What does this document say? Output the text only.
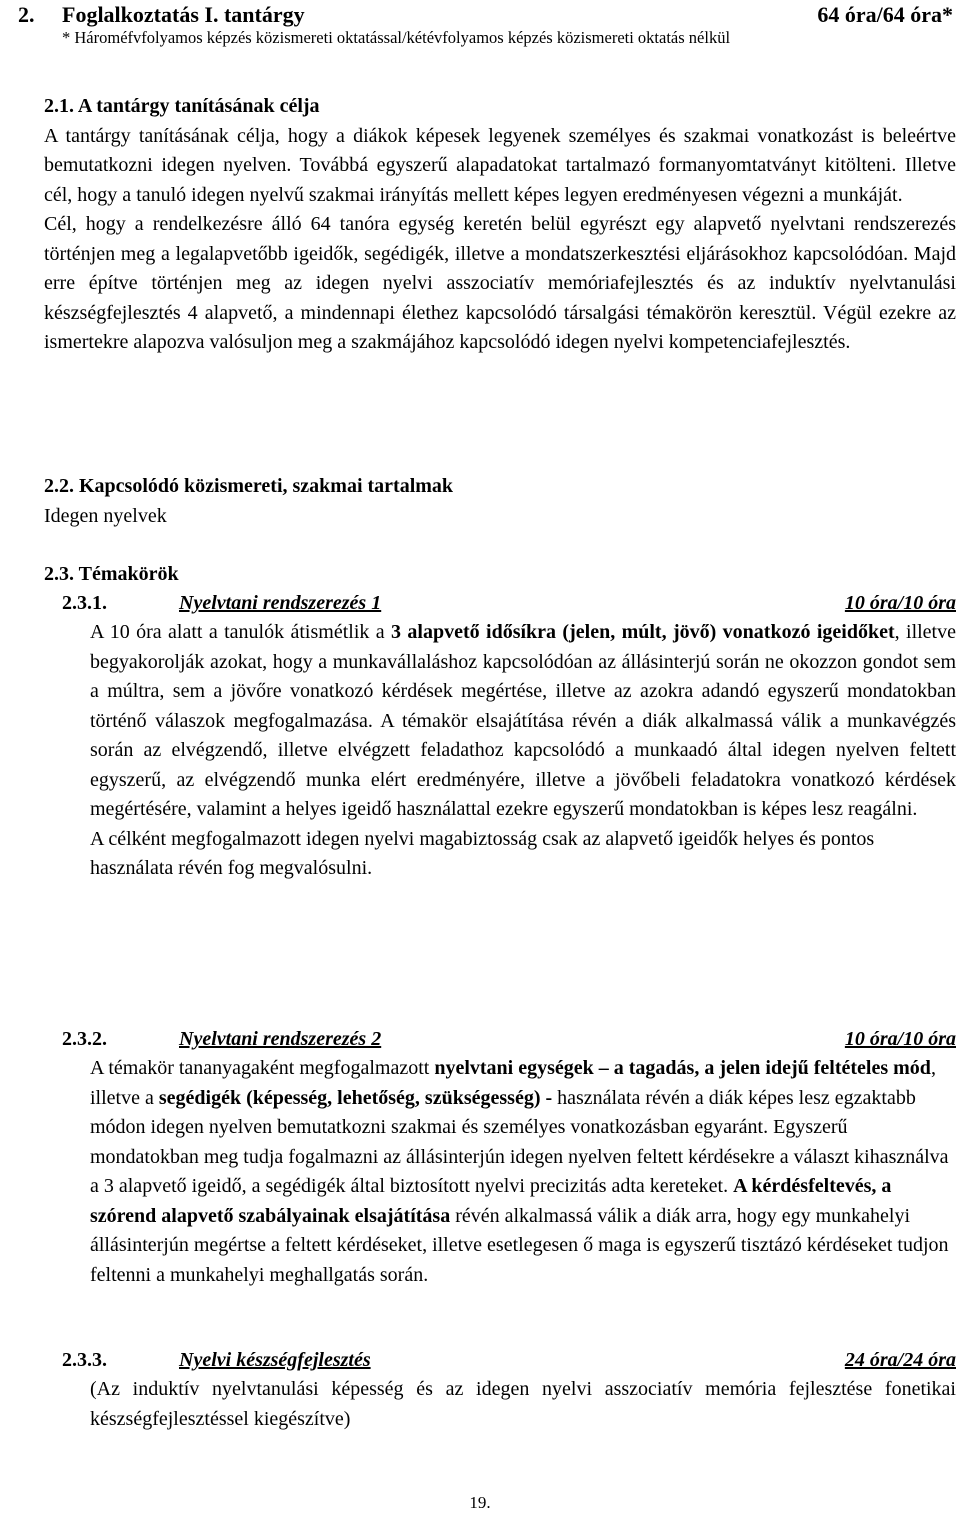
2. Foglalkoztatás I. tantárgy	64 óra/64 óra*
* Hároméfvfolyamos képzés közismereti oktatással/kétévfolyamos képzés közismereti oktatás nélkül
2.1. A tantárgy tanításának célja

A tantárgy tanításának célja, hogy a diákok képesek legyenek személyes és szakmai vonatkozást is beleértve bemutatkozni idegen nyelven. Továbbá egyszerű alapadatokat tartalmazó formanyomtatványt kitölteni. Illetve cél, hogy a tanuló idegen nyelvű szakmai irányítás mellett képes legyen eredményesen végezni a munkáját.

Cél, hogy a rendelkezésre álló 64 tanóra egység keretén belül egyrészt egy alapvető nyelvtani rendszerezés történjen meg a legalapvetőbb igeidők, segédigék, illetve a mondatszerkesztési eljárásokhoz kapcsolódóan. Majd erre építve történjen meg az idegen nyelvi asszociatív memóriafejlesztés és az induktív nyelvtanulási készségfejlesztés 4 alapvető, a mindennapi élethez kapcsolódó társalgási témakörön keresztül. Végül ezekre az ismertekre alapozva valósuljon meg a szakmájához kapcsolódó idegen nyelvi kompetenciafejlesztés.

2.2. Kapcsolódó közismereti, szakmai tartalmak
Idegen nyelvek
2.3. Témakörök
2.3.1.	Nyelvtani rendszerezés 1	10 óra/10 óra

A 10 óra alatt a tanulók átismétlik a 3 alapvető idősíkra (jelen, múlt, jövő) vonatkozó igeidőket, illetve begyakorolják azokat, hogy a munkavállaláshoz kapcsolódóan az állásinterjú során ne okozzon gondot sem a múltra, sem a jövőre vonatkozó kérdések megértése, illetve az azokra adandó egyszerű mondatokban történő válaszok megfogalmazása. A témakör elsajátítása révén a diák alkalmassá válik a munkavégzés során az elvégzendő, illetve elvégzett feladathoz kapcsolódó a munkaadó által idegen nyelven feltett egyszerű, az elvégzendő munka elért eredményére, illetve a jövőbeli feladatokra vonatkozó kérdések megértésére, valamint a helyes igeidő használattal ezekre egyszerű mondatokban is képes lesz reagálni.

A célként megfogalmazott idegen nyelvi magabiztosság csak az alapvető igeidők helyes és pontos használata révén fog megvalósulni.

2.3.2.	Nyelvtani rendszerezés 2	10 óra/10 óra

A témakör tananyagaként megfogalmazott nyelvtani egységek – a tagadás, a jelen idejű feltételes mód, illetve a segédigék (képesség, lehetőség, szükségesség) - használata révén a diák képes lesz egzaktabb módon idegen nyelven bemutatkozni szakmai és személyes vonatkozásban egyaránt. Egyszerű mondatokban meg tudja fogalmazni az állásinterjún idegen nyelven feltett kérdésekre a választ kihasználva a 3 alapvető igeidő, a segédigék által biztosított nyelvi precizitás adta kereteket. A kérdésfeltevés, a szórend alapvető szabályainak elsajátítása révén alkalmassá válik a diák arra, hogy egy munkahelyi állásinterjún megértse a feltett kérdéseket, illetve esetlegesen ő maga is egyszerű tisztázó kérdéseket tudjon feltenni a munkahelyi meghallgatás során.

2.3.3.	Nyelvi készségfejlesztés	24 óra/24 óra

(Az induktív nyelvtanulási képesség és az idegen nyelvi asszociatív memória fejlesztése fonetikai készségfejlesztéssel kiegészítve)

19.
